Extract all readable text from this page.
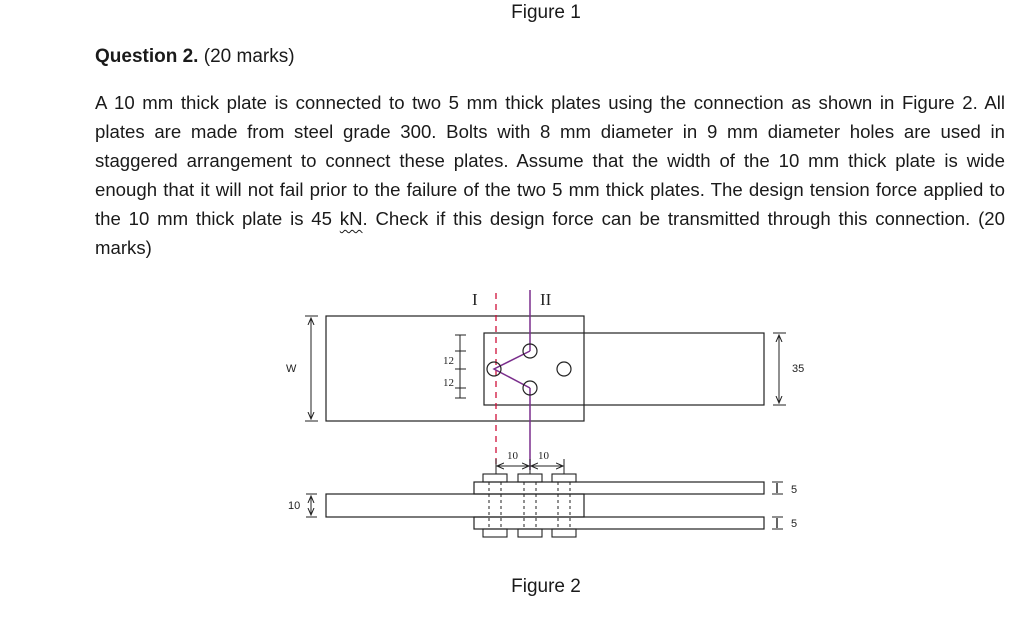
Figure 1
Question 2. (20 marks)
A 10 mm thick plate is connected to two 5 mm thick plates using the connection as shown in Figure 2. All plates are made from steel grade 300. Bolts with 8 mm diameter in 9 mm diameter holes are used in staggered arrangement to connect these plates. Assume that the width of the 10 mm thick plate is wide enough that it will not fail prior to the failure of the two 5 mm thick plates. The design tension force applied to the 10 mm thick plate is 45 kN. Check if this design force can be transmitted through this connection. (20 marks)
I	II
W
12
12
35
10 10
10
5
5
Figure 2
